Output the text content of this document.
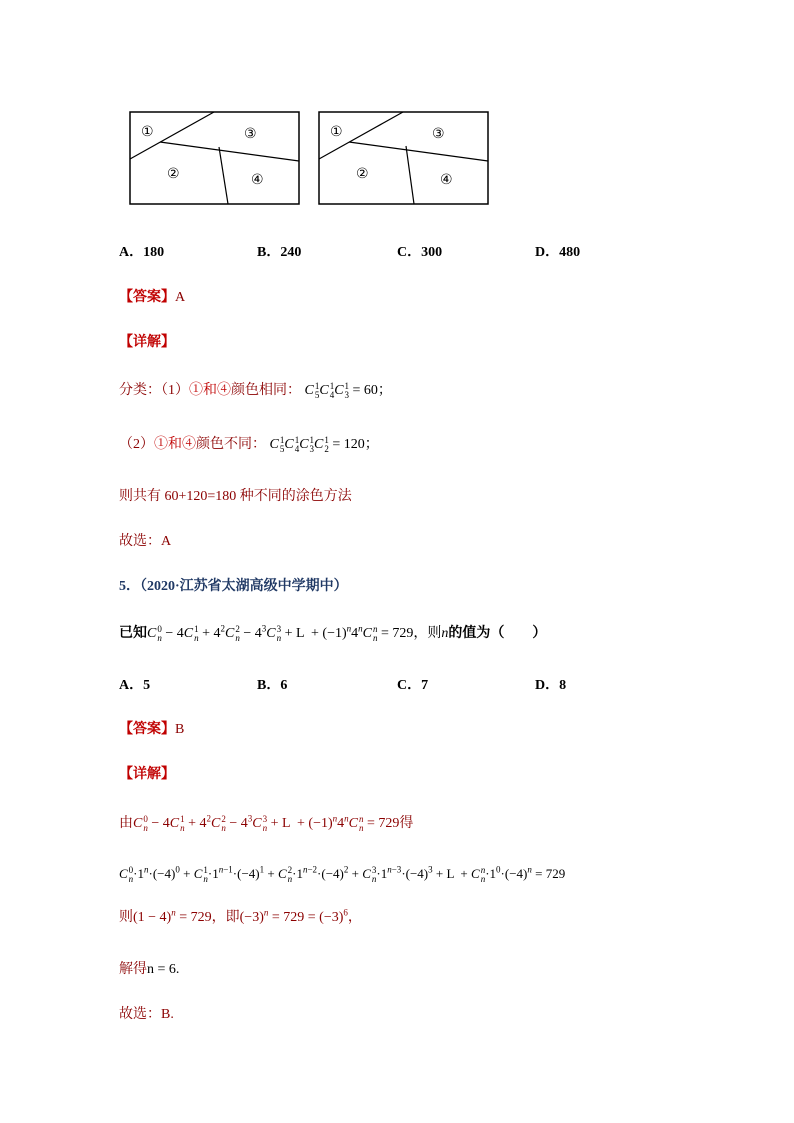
①	③
②	④
①	③
②	④
A．180	B．240	C．300	D．480
【答案】A
【详解】
分类：（1）①和④颜色相同： C 1
5 C 1
4 C 1
3 = 60；
（2）①和④颜色不同： C 1
5 C 1
4 C 1
3 C 1
2 = 120；
则共有 60+120=180 种不同的涂色方法
故选：A
5．（2020·江苏省太湖高级中学期中）
已知C 0
n − 4C 1
$n + 4^2C$ 2
$n - 4^3C$ 3
$n + L + (-1)^n4^nC$ n
n = 729，则n的值为（　　）
A．5	B．6	C．7	D．8
【答案】B
【详解】
由C 0
n − 4C 1
$n + 4^2C$ 2
$n - 4^3C$ 3
$n + L + (-1)^n4^nC$ n
n = 729得
C 0
$n \cdot 1^n\cdot(-4)^0 + C$ 1
$n \cdot 1^{n-1}\cdot(-4)^1 + C$ 2
$n \cdot 1^{n-2}\cdot(-4)^2 + C$ 3
$n \cdot 1^{n-3}\cdot(-4)^3 + L + C$ n
$n \cdot 1^0\cdot(-4)^n = 729$
则$(1 - 4)^n = 729$，即$(-3)^n = 729 = (-3)^6$，
解得n = 6.
故选：B.
